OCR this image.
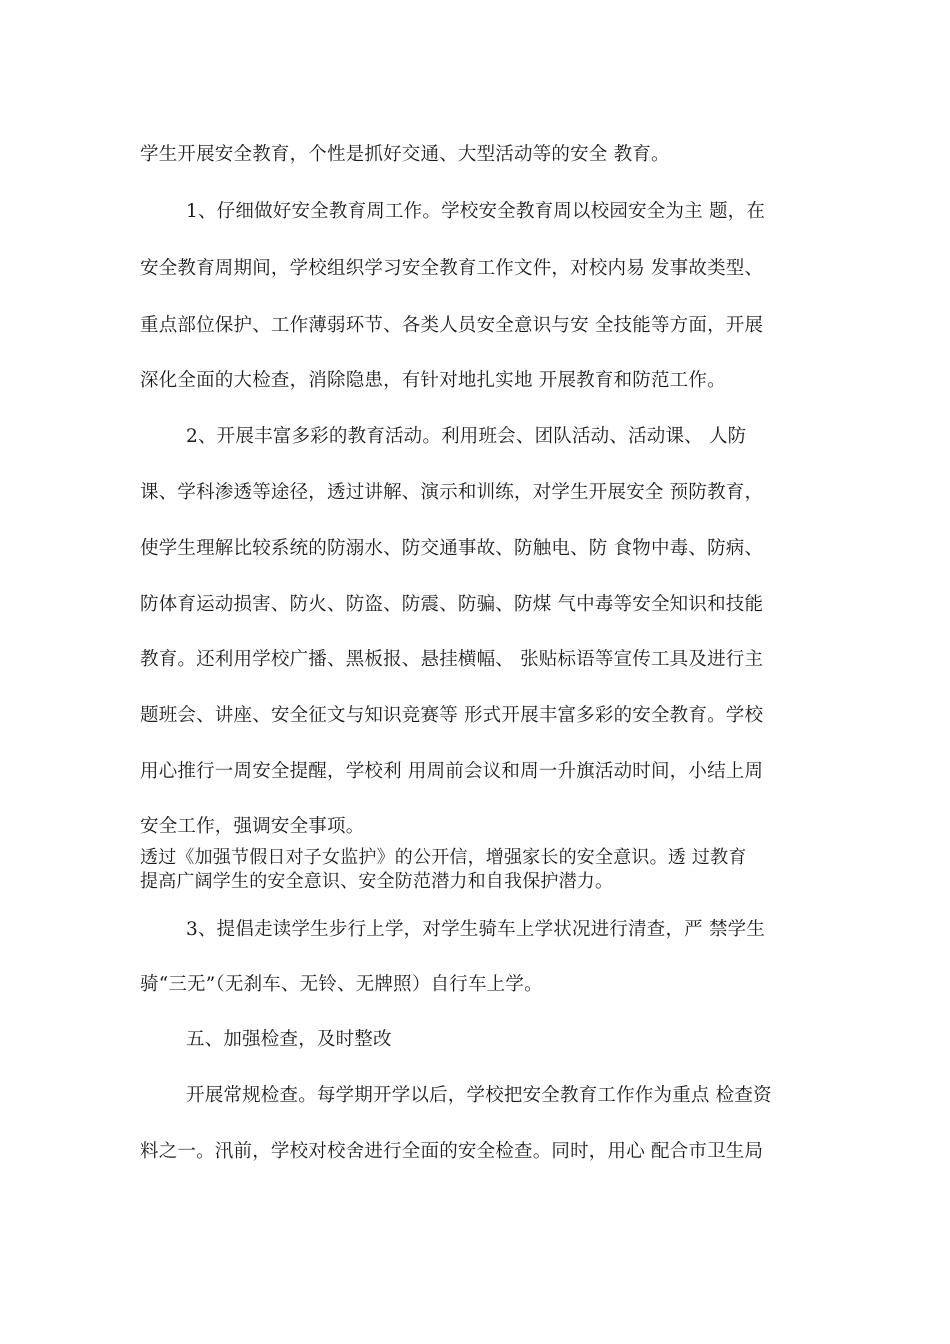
学生开展安全教育，个性是抓好交通、大型活动等的安全 教育。
1、仔细做好安全教育周工作。学校安全教育周以校园安全为主 题，在
安全教育周期间，学校组织学习安全教育工作文件，对校内易 发事故类型、
重点部位保护、工作薄弱环节、各类人员安全意识与安 全技能等方面，开展
深化全面的大检查，消除隐患，有针对地扎实地 开展教育和防范工作。
2、开展丰富多彩的教育活动。利用班会、团队活动、活动课、 人防
课、学科渗透等途径，透过讲解、演示和训练，对学生开展安全 预防教育，
使学生理解比较系统的防溺水、防交通事故、防触电、防 食物中毒、防病、
防体育运动损害、防火、防盗、防震、防骗、防煤 气中毒等安全知识和技能
教育。还利用学校广播、黑板报、悬挂横幅、 张贴标语等宣传工具及进行主
题班会、讲座、安全征文与知识竞赛等 形式开展丰富多彩的安全教育。学校
用心推行一周安全提醒，学校利 用周前会议和周一升旗活动时间，小结上周
安全工作，强调安全事项。
透过《加强节假日对子女监护》的公开信，增强家长的安全意识。透 过教育
提高广阔学生的安全意识、安全防范潜力和自我保护潜力。
3、提倡走读学生步行上学，对学生骑车上学状况进行清查，严 禁学生
骑“三无”（无刹车、无铃、无牌照）自行车上学。
五、加强检查，及时整改
开展常规检查。每学期开学以后，学校把安全教育工作作为重点 检查资
料之一。汛前，学校对校舍进行全面的安全检查。同时，用心 配合市卫生局
